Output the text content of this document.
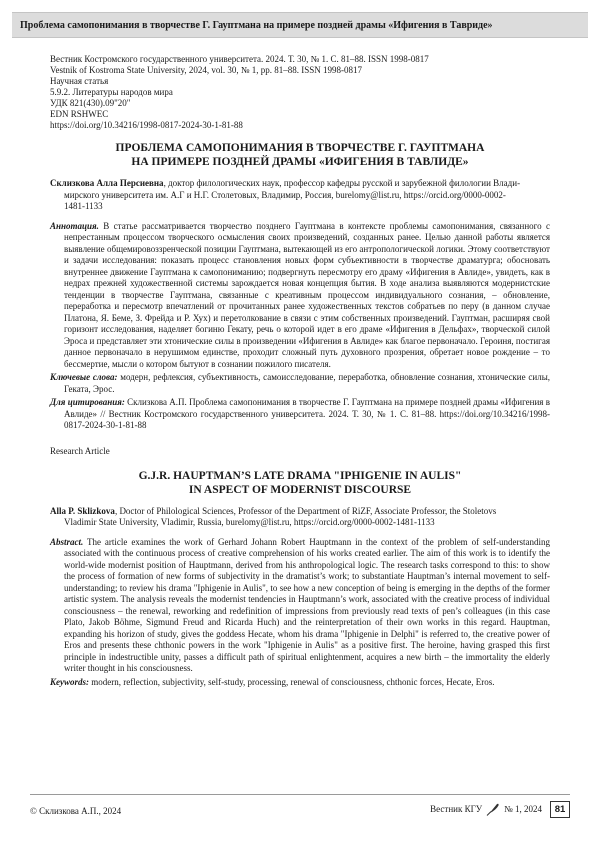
Проблема самопонимания в творчестве Г. Гауптмана на примере поздней драмы «Ифигения в Тавриде»
Вестник Костромского государственного университета. 2024. Т. 30, № 1. С. 81–88. ISSN 1998-0817
Vestnik of Kostroma State University, 2024, vol. 30, № 1, pp. 81–88. ISSN 1998-0817
Научная статья
5.9.2. Литературы народов мира
УДК 821(430).09"20"
EDN RSHWEC
https://doi.org/10.34216/1998-0817-2024-30-1-81-88
ПРОБЛЕМА САМОПОНИМАНИЯ В ТВОРЧЕСТВЕ Г. ГАУПТМАНА
НА ПРИМЕРЕ ПОЗДНЕЙ ДРАМЫ «ИФИГЕНИЯ В ТАВЛИДЕ»
Склизкова Алла Персиевна, доктор филологических наук, профессор кафедры русской и зарубежной филологии Влади-
мирского университета им. А.Г и Н.Г. Столетовых, Владимир, Россия, burelomy@list.ru, https://orcid.org/0000-0002-
1481-1133

Аннотация. В статье рассматривается творчество позднего Гауптмана в контексте проблемы самопонимания, связанного с непрестанным процессом творческого осмысления своих произведений, созданных ранее. Целью данной работы является выявление общемировоззренческой позиции Гауптмана, вытекающей из его антропологической логики. Этому соответствуют и задачи исследования: показать процесс становления новых форм субъективности в творчестве драматурга; обосновать внутреннее движение Гауптмана к самопониманию; подвергнуть пересмотру его драму «Ифигения в Авлиде», увидеть, как в недрах прежней художественной системы зарождается новая концепция бытия. В ходе анализа выявляются модернистские тенденции в творчестве Гауптмана, связанные с креативным процессом индивидуального сознания, – обновление, переработка и пересмотр впечатлений от прочитанных ранее художественных текстов собратьев по перу (в данном случае Платона, Я. Беме, З. Фрейда и Р. Хух) и перетолкование в связи с этим собственных произведений. Гауптман, расширяя свой горизонт исследования, наделяет богиню Гекату, речь о которой идет в его драме «Ифигения в Дельфах», творческой силой Эроса и представляет эти хтонические силы в произведении «Ифигения в Авлиде» как благое первоначало. Героиня, постигая данное первоначало в нерушимом единстве, проходит сложный путь духовного прозрения, обретает новое рождение – то бессмертие, мысли о котором бытуют в сознании пожилого писателя.

Ключевые слова: модерн, рефлексия, субъективность, самоисследование, переработка, обновление сознания, хтонические силы, Геката, Эрос.

Для цитирования: Склизкова А.П. Проблема самопонимания в творчестве Г. Гауптмана на примере поздней драмы «Ифигения в Авлиде» // Вестник Костромского государственного университета. 2024. Т. 30, № 1. С. 81–88. https://doi.org/10.34216/1998-0817-2024-30-1-81-88

Research Article
G.J.R. HAUPTMAN’S LATE DRAMA "IPHIGENIE IN AULIS"
IN ASPECT OF MODERNIST DISCOURSE
Alla P. Sklizkova, Doctor of Philological Sciences, Professor of the Department of RiZF, Associate Professor, the Stoletovs
Vladimir State University, Vladimir, Russia, burelomy@list.ru, https://orcid.org/0000-0002-1481-1133

Abstract. The article examines the work of Gerhard Johann Robert Hauptmann in the context of the problem of self-understanding associated with the continuous process of creative comprehension of his works created earlier. The aim of this work is to identify the world-wide modernist position of Hauptmann, derived from his anthropological logic. The research tasks correspond to this: to show the process of formation of new forms of subjectivity in the dramatist’s work; to substantiate Hauptman’s internal movement to self-understanding; to review his drama "Iphigenie in Aulis", to see how a new conception of being is emerging in the depths of the former artistic system. The analysis reveals the modernist tendencies in Hauptmann’s work, associated with the creative process of individual consciousness – the renewal, reworking and redefinition of impressions from previously read texts of pen’s colleagues (in this case Plato, Jakob Böhme, Sigmund Freud and Ricarda Huch) and the reinterpretation of their own works in this regard. Hauptman, expanding his horizon of study, gives the goddess Hecate, whom his drama "Iphigenie in Delphi" is referred to, the creative power of Eros and presents these chthonic powers in the work "Iphigenie in Aulis" as a positive first. The heroine, having grasped this first principle in indestructible unity, passes a difficult path of spiritual enlightenment, acquires a new birth – the immortality the elderly writer thought in his consciousness.

Keywords: modern, reflection, subjectivity, self-study, processing, renewal of consciousness, chthonic forces, Hecate, Eros.

© Склизкова А.П., 2024	Вестник КГУ № 1, 2024	81
